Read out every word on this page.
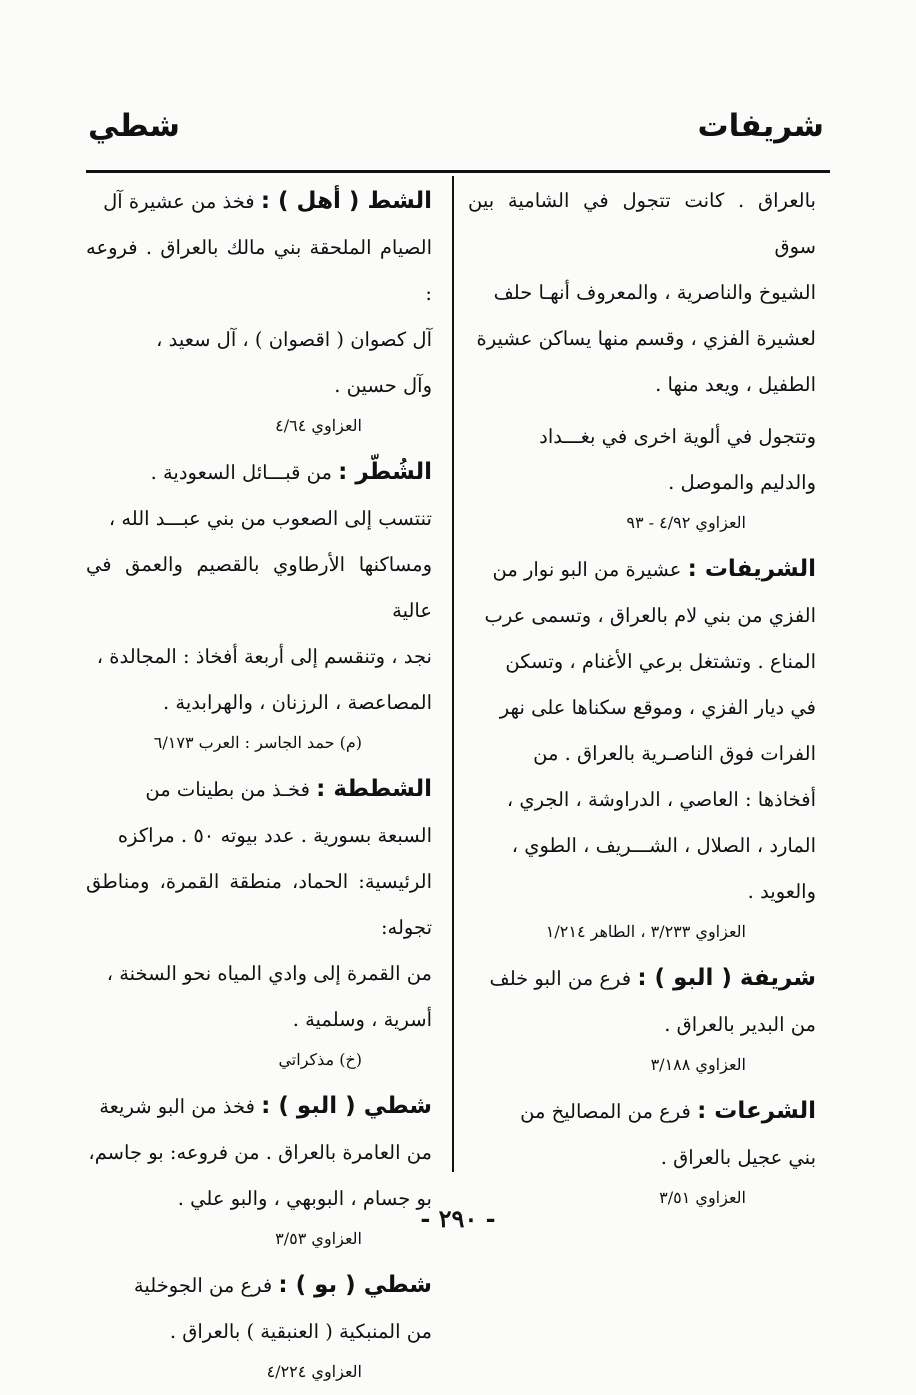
شريفات
شطي

بالعراق . كانت تتجول في الشامية بين سوق

الشيوخ والناصرية ، والمعروف أنهـا حلف

لعشيرة الفزي ، وقسم منها يساكن عشيرة

الطفيل ، ويعد منها .

وتتجول في ألوية اخرى في بغـــداد

والدليم والموصل .

العزاوي ٤/٩٢ - ٩٣

الشريفات : عشيرة من البو نوار من

الفزي من بني لام بالعراق ، وتسمى عرب

المناع . وتشتغل برعي الأغنام ، وتسكن

في ديار الفزي ، وموقع سكناها على نهر

الفرات فوق الناصـرية بالعراق . من

أفخاذها : العاصي ، الدراوشة ، الجري ،

المارد ، الصلال ، الشـــريف ، الطوي ،

والعويد .

العزاوي ٣/٢٣٣ ، الطاهر ١/٢١٤

شريفة ( البو ) : فرع من البو خلف

من البدير بالعراق .

العزاوي ٣/١٨٨

الشرعات : فرع من المصاليخ من

بني عجيل بالعراق .

العزاوي ٣/٥١

الشط ( أهل ) : فخذ من عشيرة آل

الصيام الملحقة بني مالك بالعراق . فروعه :

آل كصوان ( اقصوان ) ، آل سعيد ،

وآل حسين .

العزاوي ٤/٦٤

الشُطّر : من قبـــائل السعودية .

تنتسب إلى الصعوب من بني عبـــد الله ،

ومساكنها الأرطاوي بالقصيم والعمق في عالية

نجد ، وتنقسم إلى أربعة أفخاذ : المجالدة ،

المصاعصة ، الرزنان ، والهرابدية .

(م) حمد الجاسر : العرب ٦/١٧٣

الشططة : فخـذ من بطينات من

السبعة بسورية . عدد بيوته ٥٠ . مراكزه

الرئيسية: الحماد، منطقة القمرة، ومناطق تجوله:

من القمرة إلى وادي المياه نحو السخنة ،

أسرية ، وسلمية .

(خ) مذكراتي

شطي ( البو ) : فخذ من البو شريعة

من العامرة بالعراق . من فروعه: بو جاسم،

بو جسام ، البوبهي ، والبو علي .

العزاوي ٣/٥٣

شطي ( بو ) : فرع من الجوخلية

من المنبكية ( العنبقية ) بالعراق .

العزاوي ٤/٢٢٤

- ٢٩٠ -
